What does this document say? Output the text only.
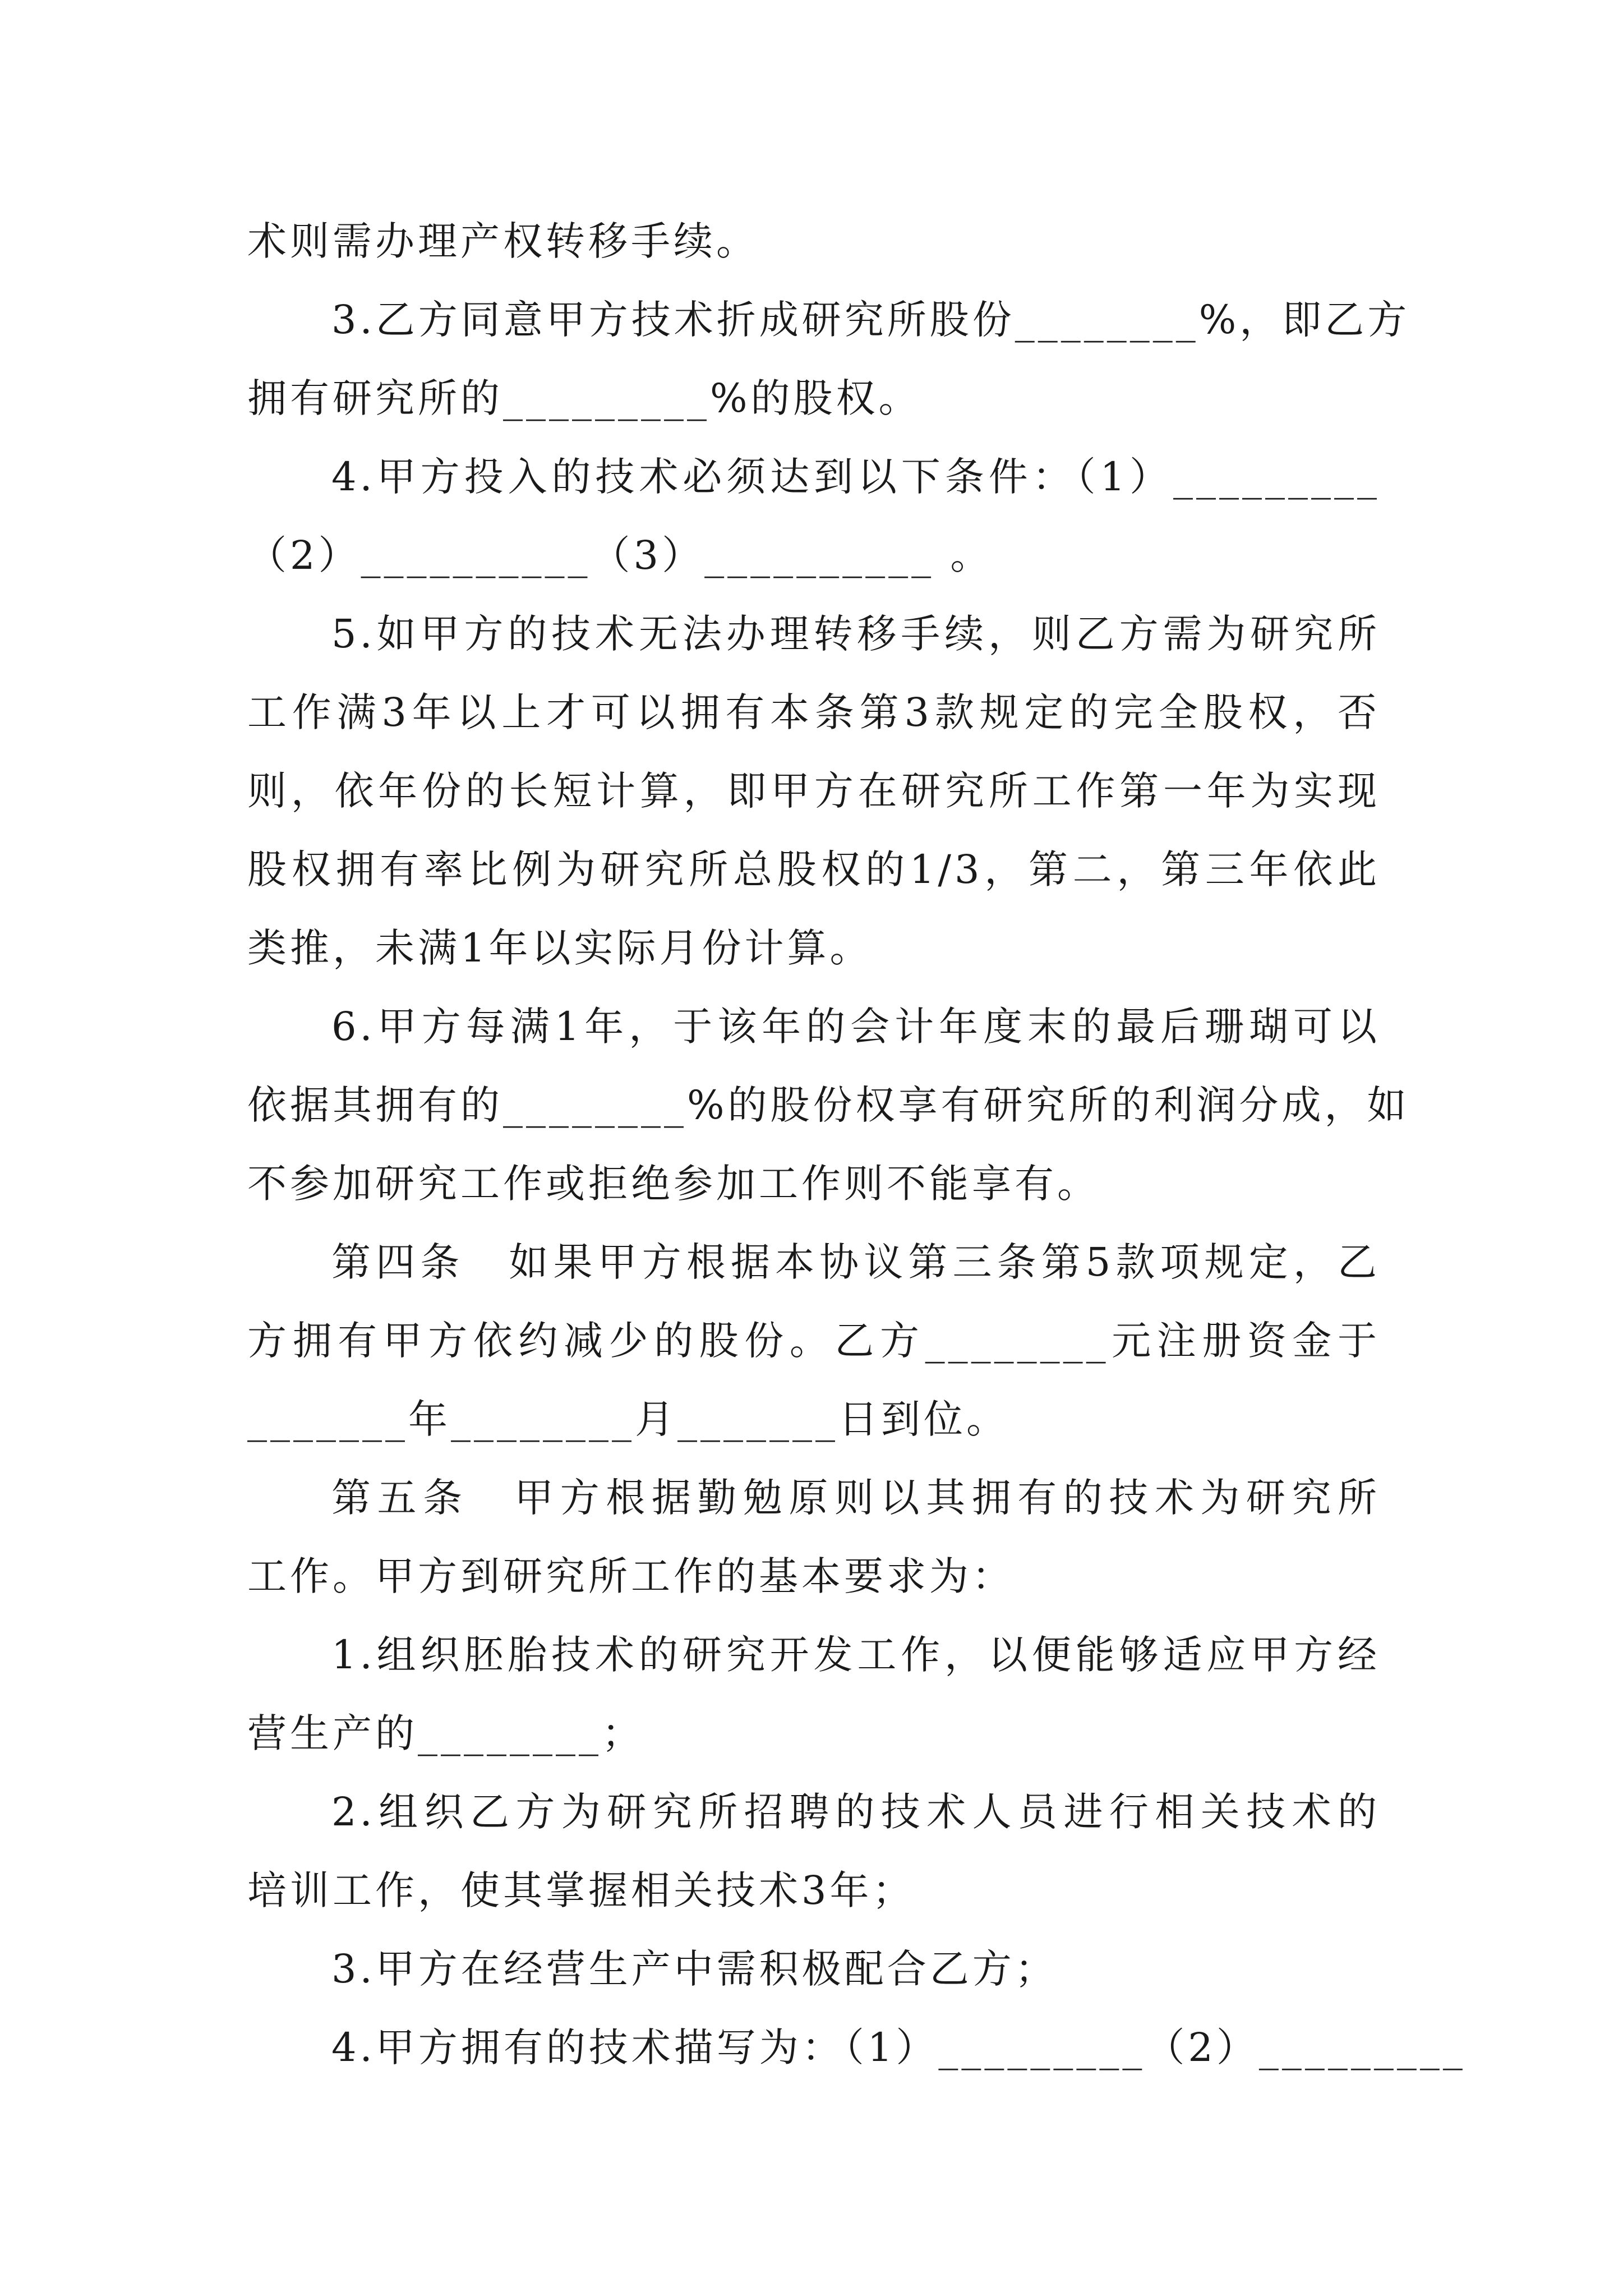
术则需办理产权转移手续。
3.乙方同意甲方技术折成研究所股份________%，即乙方
拥有研究所的_________%的股权。
4.甲方投入的技术必须达到以下条件：（1）_________
（2）__________（3）__________ 。
5.如甲方的技术无法办理转移手续，则乙方需为研究所
工作满3年以上才可以拥有本条第3款规定的完全股权，否
则，依年份的长短计算，即甲方在研究所工作第一年为实现
股权拥有率比例为研究所总股权的1/3，第二，第三年依此
类推，未满1年以实际月份计算。
6.甲方每满1年，于该年的会计年度末的最后珊瑚可以
依据其拥有的________%的股份权享有研究所的利润分成，如
不参加研究工作或拒绝参加工作则不能享有。
第四条　如果甲方根据本协议第三条第5款项规定，乙
方拥有甲方依约减少的股份。乙方________元注册资金于
_______年________月_______日到位。
第五条　甲方根据勤勉原则以其拥有的技术为研究所
工作。甲方到研究所工作的基本要求为：
1.组织胚胎技术的研究开发工作，以便能够适应甲方经
营生产的________；
2.组织乙方为研究所招聘的技术人员进行相关技术的
培训工作，使其掌握相关技术3年；
3.甲方在经营生产中需积极配合乙方；
4.甲方拥有的技术描写为：（1）_________（2）_________
